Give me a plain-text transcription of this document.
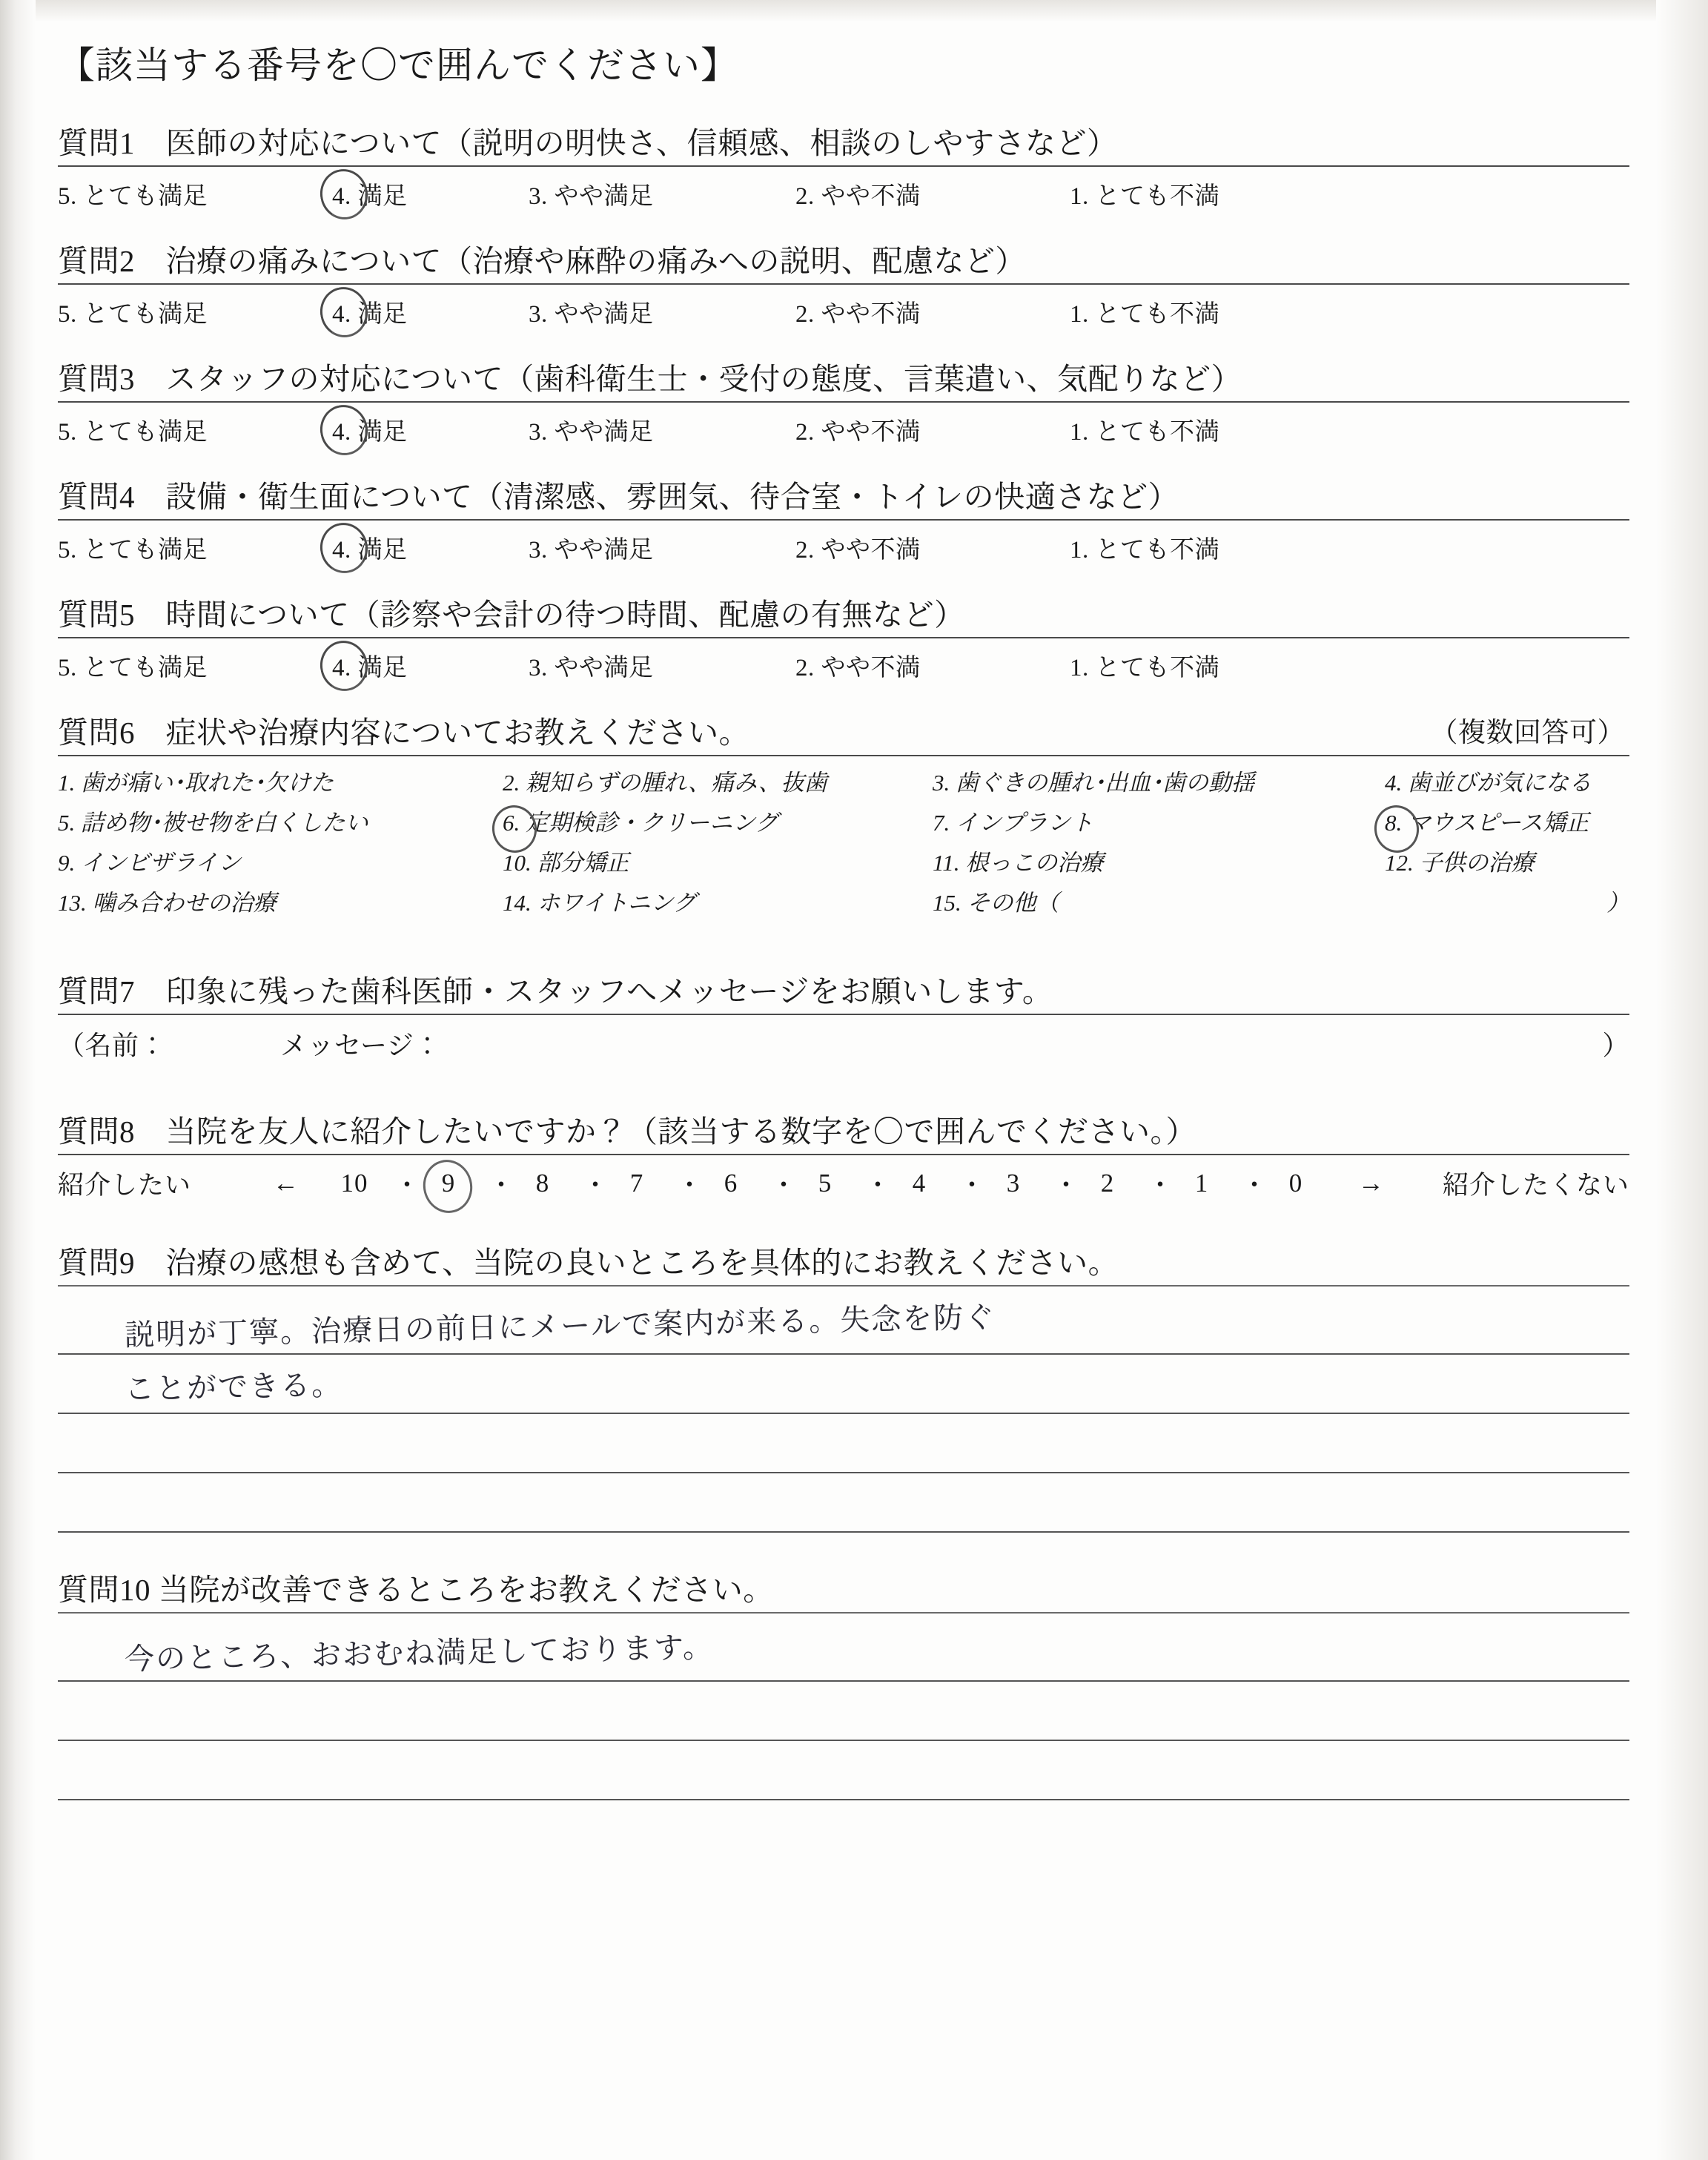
【該当する番号を〇で囲んでください】
質問1　医師の対応について（説明の明快さ、信頼感、相談のしやすさなど）
5. とても満足	4. 満足	3. やや満足	2. やや不満	1. とても不満
質問2　治療の痛みについて（治療や麻酔の痛みへの説明、配慮など）
5. とても満足	4. 満足	3. やや満足	2. やや不満	1. とても不満
質問3　スタッフの対応について（歯科衛生士・受付の態度、言葉遣い、気配りなど）
5. とても満足	4. 満足	3. やや満足	2. やや不満	1. とても不満
質問4　設備・衛生面について（清潔感、雰囲気、待合室・トイレの快適さなど）
5. とても満足	4. 満足	3. やや満足	2. やや不満	1. とても不満
質問5　時間について（診察や会計の待つ時間、配慮の有無など）
5. とても満足	4. 満足	3. やや満足	2. やや不満	1. とても不満
質問6　症状や治療内容についてお教えください。	（複数回答可）
1. 歯が痛い･取れた･欠けた	2. 親知らずの腫れ、痛み、抜歯	3. 歯ぐきの腫れ･出血･歯の動揺	4. 歯並びが気になる
5. 詰め物･被せ物を白くしたい	6. 定期検診・クリーニング	7. インプラント	8. マウスピース矯正
9. インビザライン	10. 部分矯正	11. 根っこの治療	12. 子供の治療
13. 噛み合わせの治療	14. ホワイトニング	15. その他（	）
質問7　印象に残った歯科医師・スタッフへメッセージをお願いします。
（名前：	メッセージ：	）
質問8　当院を友人に紹介したいですか？（該当する数字を〇で囲んでください。）
紹介したい	←	10 ・ 9	・ 8	・ 7	・ 6	・ 5	・ 4	・ 3	・ 2	・ 1	・ 0	→	紹介したくない
質問9　治療の感想も含めて、当院の良いところを具体的にお教えください。
説明が丁寧。治療日の前日にメールで案内が来る。失念を防ぐ
ことができる。
質問10 当院が改善できるところをお教えください。
今のところ、おおむね満足しております。
